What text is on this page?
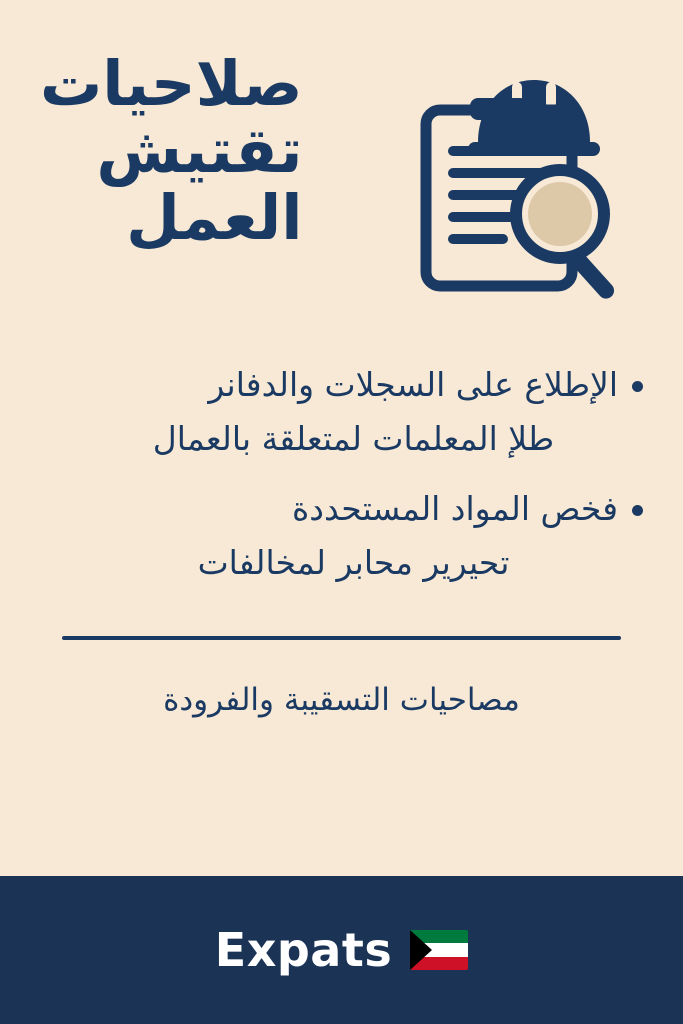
صلاحيات
تقتيش
العمل
الإطلاع على السجلات والدفانر
طلإ المعلمات لمتعلقة بالعمال
فخص المواد المستحددة
تحيرير محابر لمخالفات
مصاحيات التسقيبة والفرودة
Expats
